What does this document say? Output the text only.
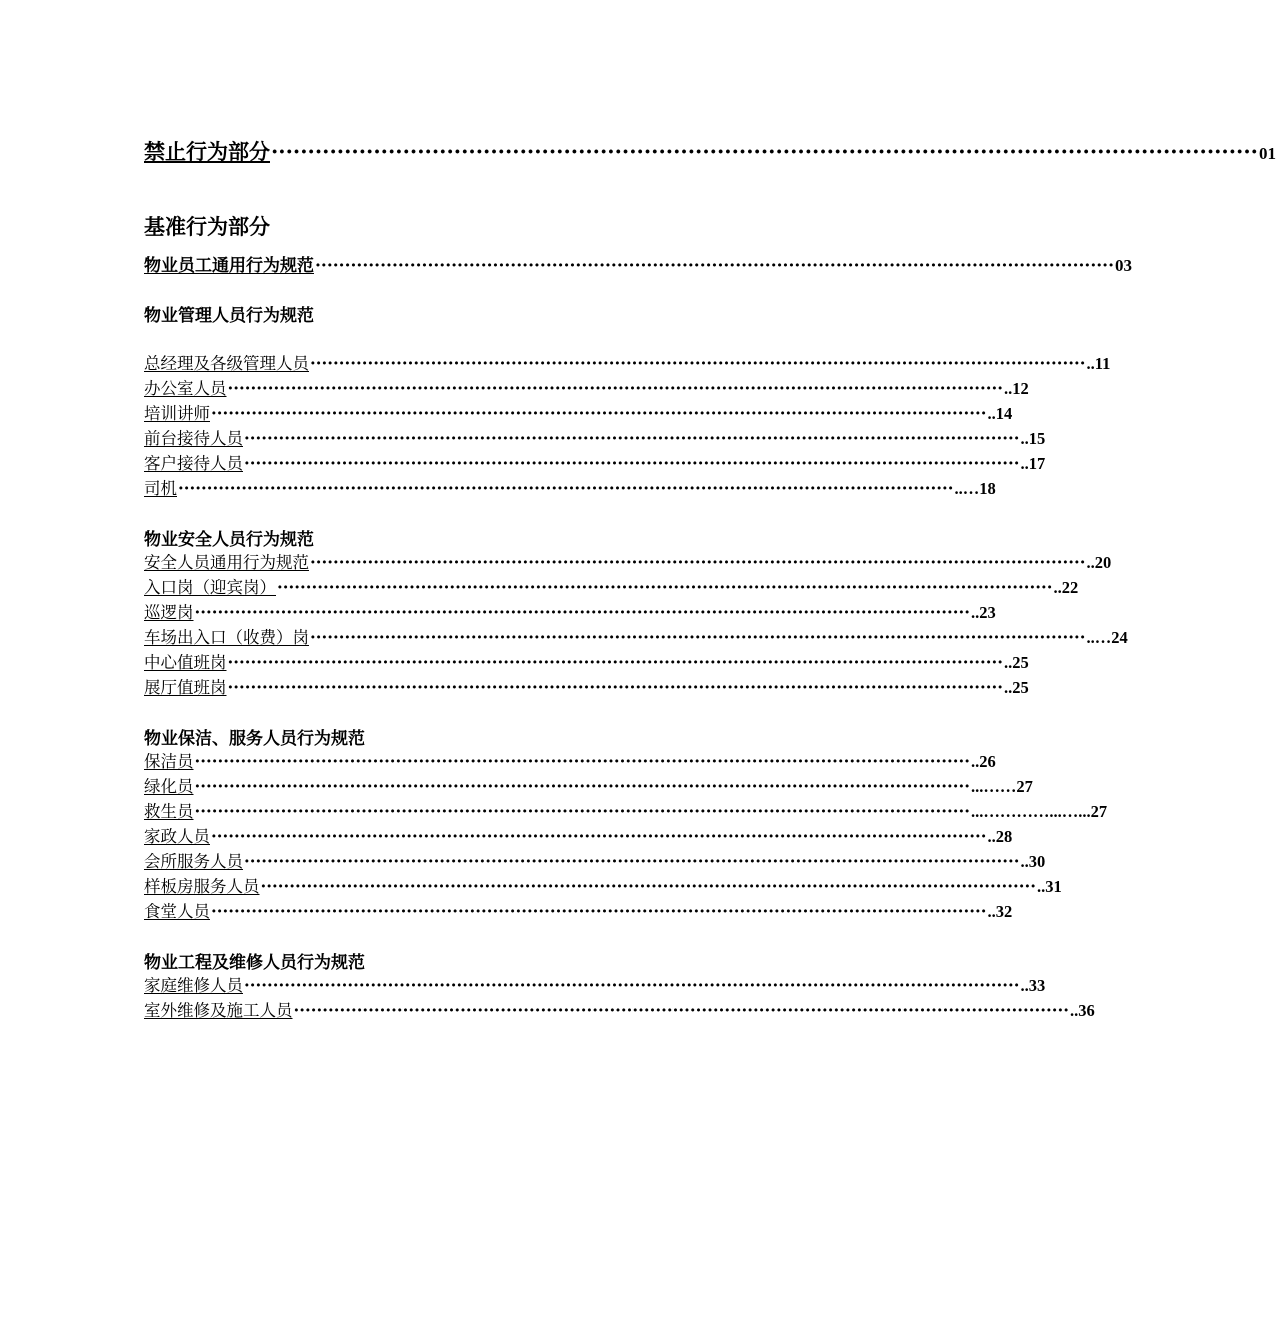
禁止行为部分 ······································································································································· 01
基准行为部分
物业员工通用行为规范 ······································································································································· 03
物业管理人员行为规范
总经理及各级管理人员 ······································································································································· ..11
办公室人员 ······································································································································· ..12
培训讲师 ······································································································································· ..14
前台接待人员 ······································································································································· ..15
客户接待人员 ······································································································································· ..17
司机 ······································································································································· ..…18
物业安全人员行为规范
安全人员通用行为规范 ······································································································································· ..20
入口岗（迎宾岗） ······································································································································· ..22
巡逻岗 ······································································································································· ..23
车场出入口（收费）岗 ······································································································································· ..…24
中心值班岗 ······································································································································· ..25
展厅值班岗 ······································································································································· ..25
物业保洁、服务人员行为规范
保洁员 ······································································································································· ..26
绿化员 ······································································································································· ...……27
救生员 ······································································································································· ...…………...…...27
家政人员 ······································································································································· ..28
会所服务人员 ······································································································································· ..30
样板房服务人员 ······································································································································· ..31
食堂人员 ······································································································································· ..32
物业工程及维修人员行为规范
家庭维修人员 ······································································································································· ..33
室外维修及施工人员 ······································································································································· ..36
